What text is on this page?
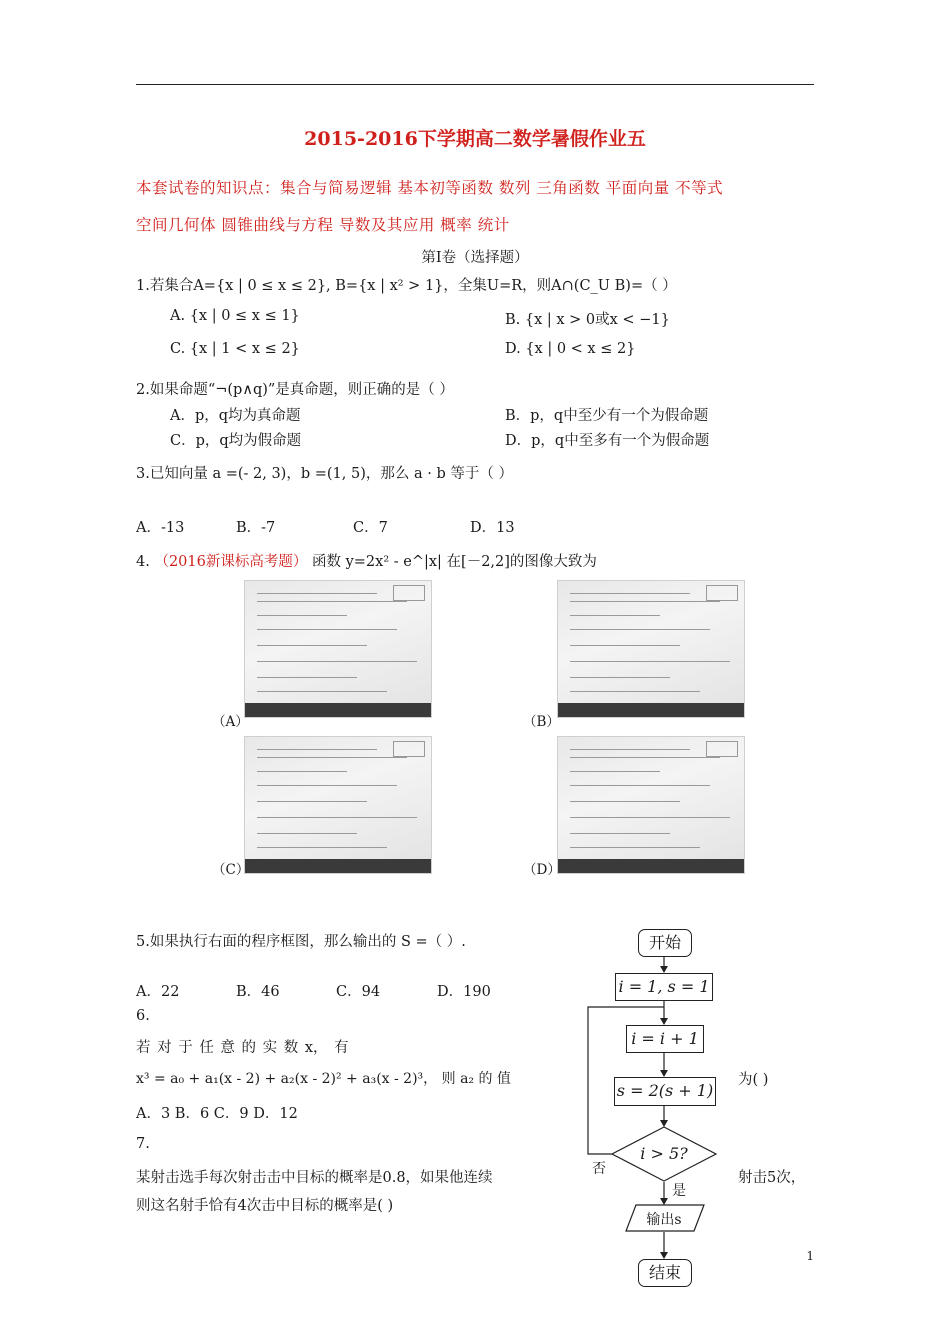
2015-2016下学期高二数学暑假作业五
本套试卷的知识点：集合与简易逻辑 基本初等函数 数列 三角函数 平面向量 不等式
空间几何体 圆锥曲线与方程 导数及其应用 概率 统计
第Ⅰ卷（选择题）
1.若集合A={x | 0 ≤ x ≤ 2}, B={x | x² > 1}，全集U=R，则A∩(C_U B)=（ ）
A. {x | 0 ≤ x ≤ 1}	B. {x | x > 0或x < −1}
C. {x | 1 < x ≤ 2}	D. {x | 0 < x ≤ 2}
2.如果命题“¬(p∧q)”是真命题，则正确的是（ ）
A．p，q均为真命题	B．p，q中至少有一个为假命题
C．p，q均为假命题	D．p，q中至多有一个为假命题
3.已知向量 a =(- 2, 3)，b =(1, 5)，那么 a · b 等于（ ）
A．-13	B．-7	C．7	D．13
4. （2016新课标高考题） 函数 y=2x² - e^|x| 在[－2,2]的图像大致为
（A）	（B）
（C）	（D）
5.如果执行右面的程序框图，那么输出的 S =（ ）.
A．22	B．46	C．94	D．190
6.
若 对 于 任 意 的 实 数 x， 有
x³ = a₀ + a₁(x - 2) + a₂(x - 2)² + a₃(x - 2)³， 则 a₂ 的 值	为( )
A．3 B．6 C．9 D．12
7.
某射击选手每次射击击中目标的概率是0.8，如果他连续	射击5次，
则这名射手恰有4次击中目标的概率是( )
开始
i = 1, s = 1
i = i + 1
s = 2(s + 1)
i > 5?
否
是
输出s
结束
1
